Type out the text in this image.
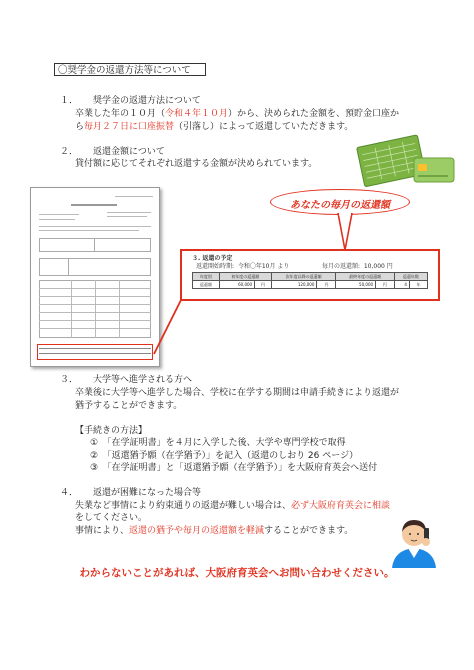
〇奨学金の返還方法等について
１． 奨学金の返還方法について
卒業した年の１０月（令和４年１０月）から、決められた金額を、預貯金口座か
ら毎月２７日に口座振替（引落し）によって返還していただきます。
２． 返還金額について
貸付額に応じてそれぞれ返還する金額が決められています。
あなたの毎月の返還額
３. 返還の予定
返還開始時期: 令和〇年10月 より	毎月の返還額: 10,000 円
年度別	初年度の返還額		次年度以降の返還額		最終年度の返還額		返還年数	
返還額	60,000	円	120,000	円	50,000	円	4	年
３． 大学等へ進学される方へ
卒業後に大学等へ進学した場合、学校に在学する期間は申請手続きにより返還が
猶予することができます。
【手続きの方法】
①　「在学証明書」を４月に入学した後、大学や専門学校で取得
②　「返還猶予願（在学猶予）」を記入（返還のしおり 26 ページ）
③　「在学証明書」と「返還猶予願（在学猶予）」を大阪府育英会へ送付
４． 返還が困難になった場合等
失業など事情により約束通りの返還が難しい場合は、必ず大阪府育英会に相談
をしてください。
事情により、返還の猶予や毎月の返還額を軽減することができます。
わからないことがあれば、大阪府育英会へお問い合わせください。
